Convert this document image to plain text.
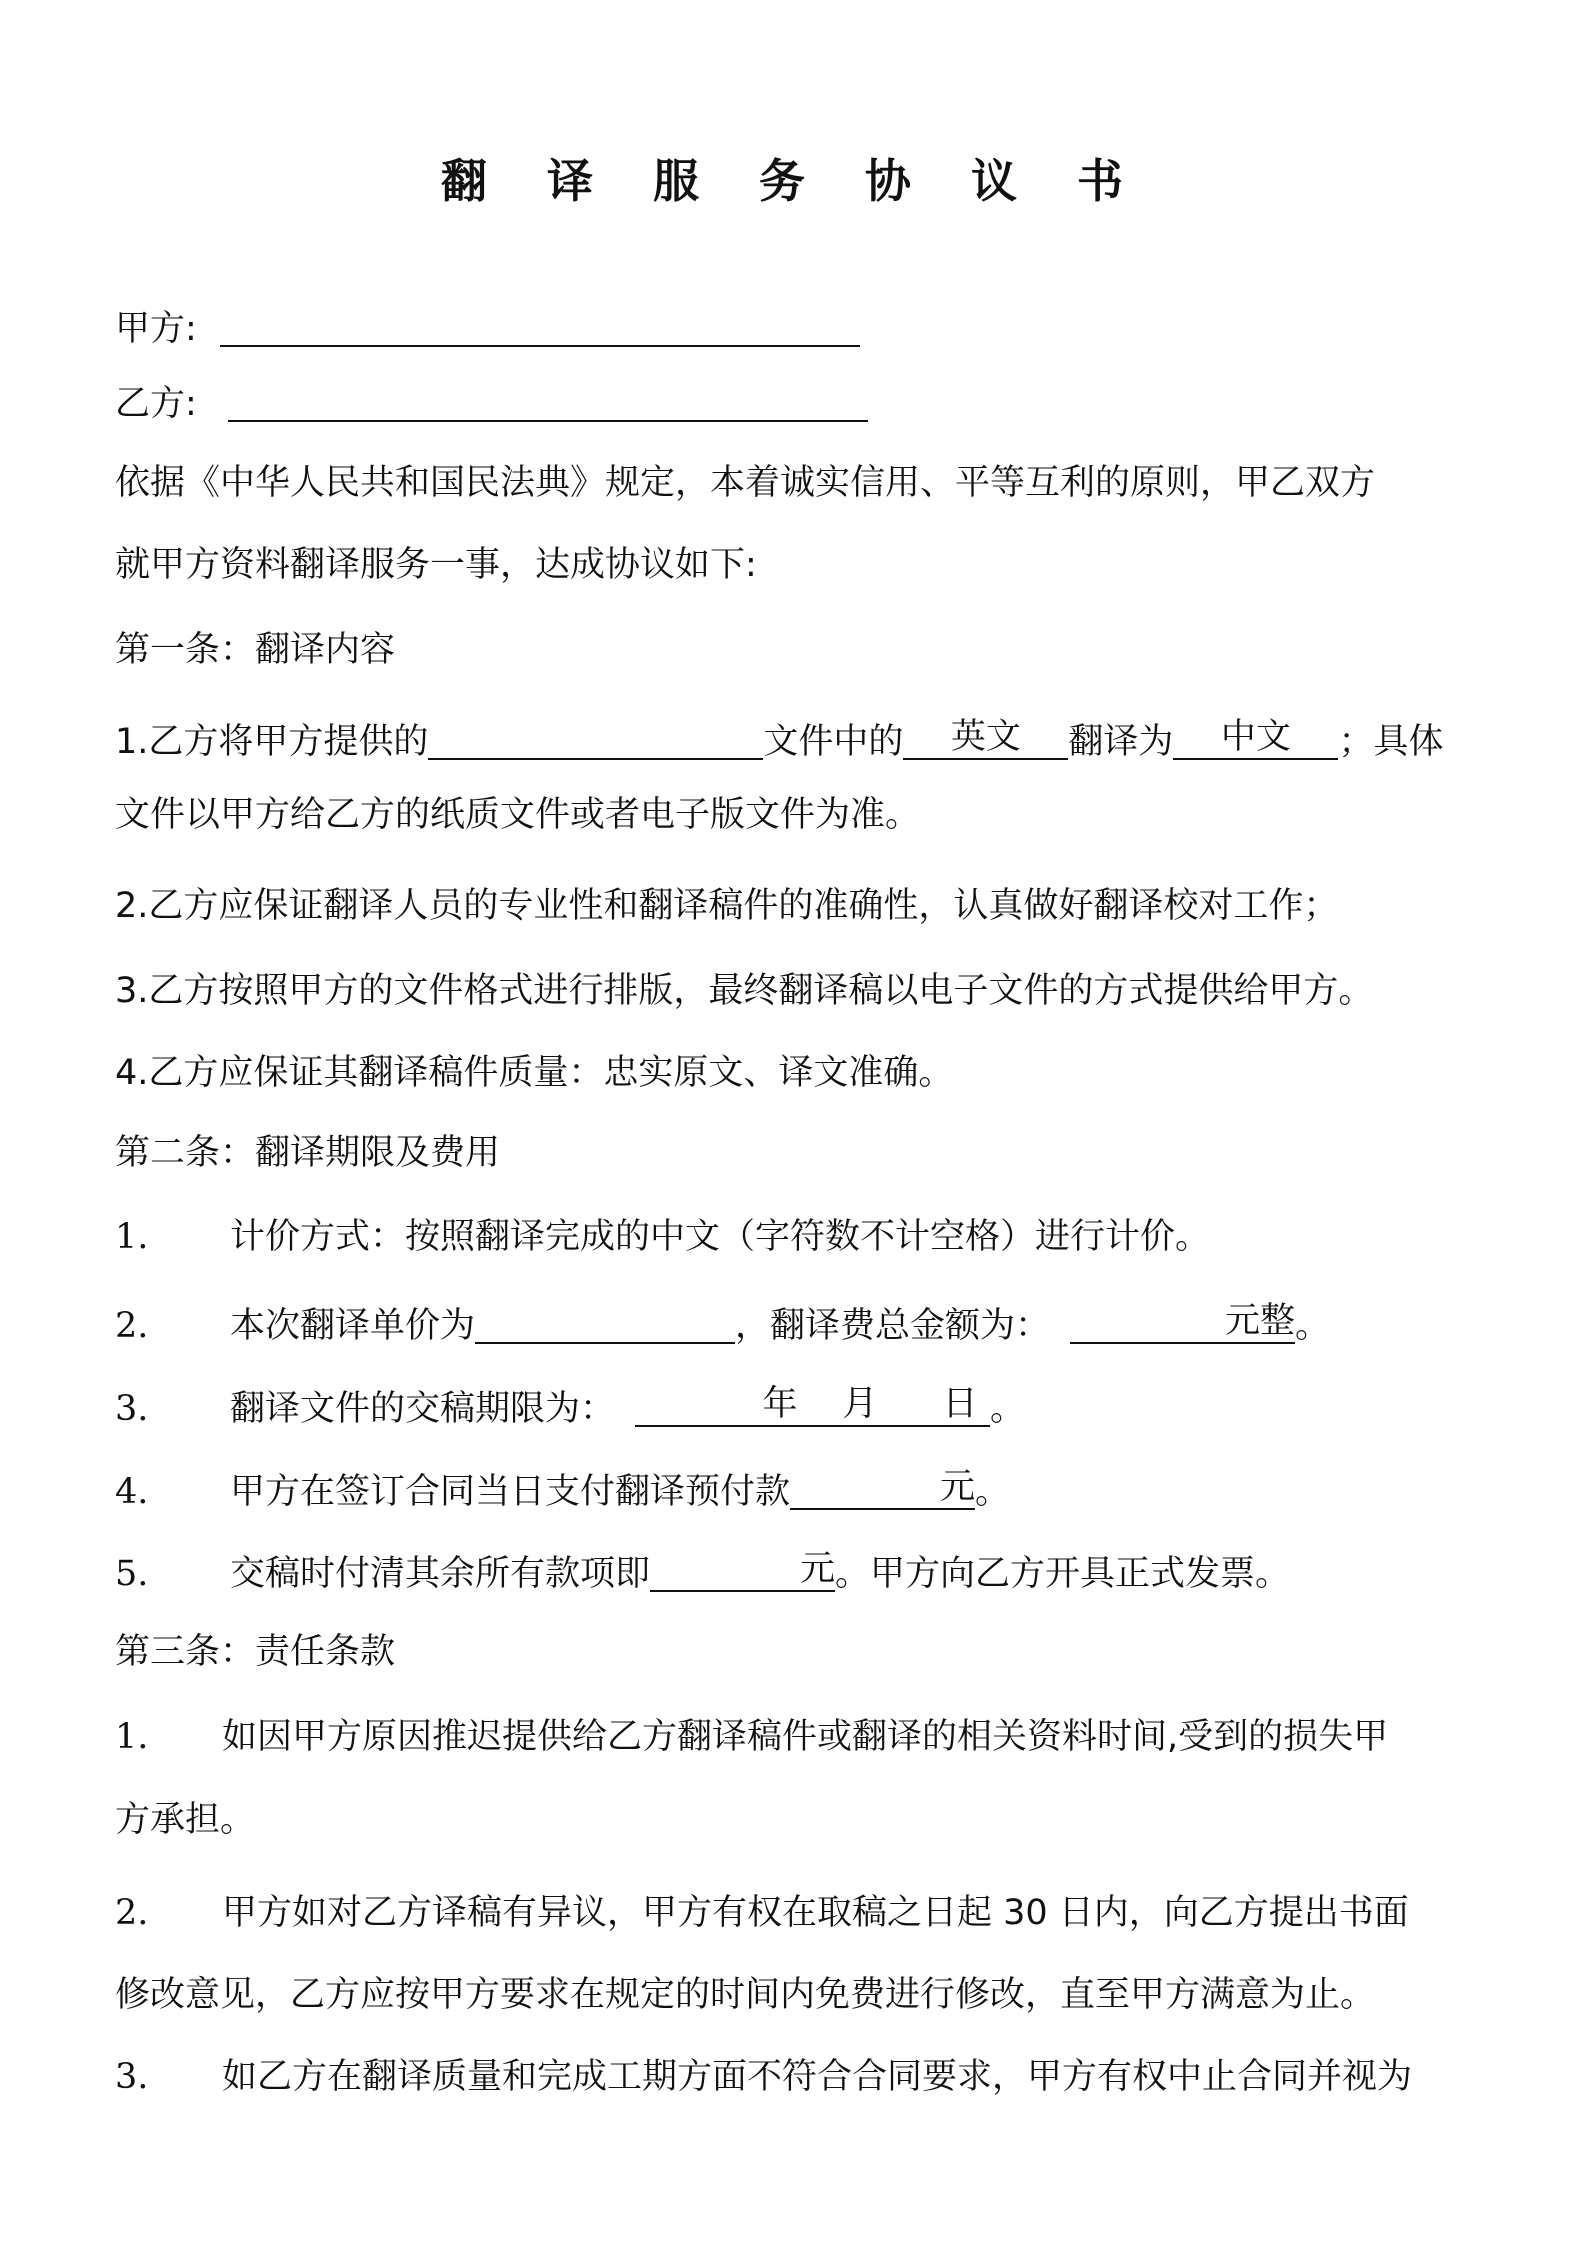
翻 译 服 务 协 议 书
甲方:
乙方:
依据《中华人民共和国民法典》规定，本着诚实信用、平等互利的原则，甲乙双方
就甲方资料翻译服务一事，达成协议如下:
第一条：翻译内容
1.乙方将甲方提供的	文件中的 英文 翻译为 中文 ；具体
文件以甲方给乙方的纸质文件或者电子版文件为准。
2.乙方应保证翻译人员的专业性和翻译稿件的准确性，认真做好翻译校对工作；
3.乙方按照甲方的文件格式进行排版，最终翻译稿以电子文件的方式提供给甲方。
4.乙方应保证其翻译稿件质量：忠实原文、译文准确。
第二条：翻译期限及费用
1. 计价方式：按照翻译完成的中文（字符数不计空格）进行计价。
2. 本次翻译单价为	，翻译费总金额为：	元整。
3. 翻译文件的交稿期限为：	年 月 日 。
4. 甲方在签订合同当日支付翻译预付款	元。
5. 交稿时付清其余所有款项即	元。甲方向乙方开具正式发票。
第三条：责任条款
1. 如因甲方原因推迟提供给乙方翻译稿件或翻译的相关资料时间,受到的损失甲
方承担。
2. 甲方如对乙方译稿有异议，甲方有权在取稿之日起 30 日内，向乙方提出书面
修改意见，乙方应按甲方要求在规定的时间内免费进行修改，直至甲方满意为止。
3. 如乙方在翻译质量和完成工期方面不符合合同要求，甲方有权中止合同并视为
